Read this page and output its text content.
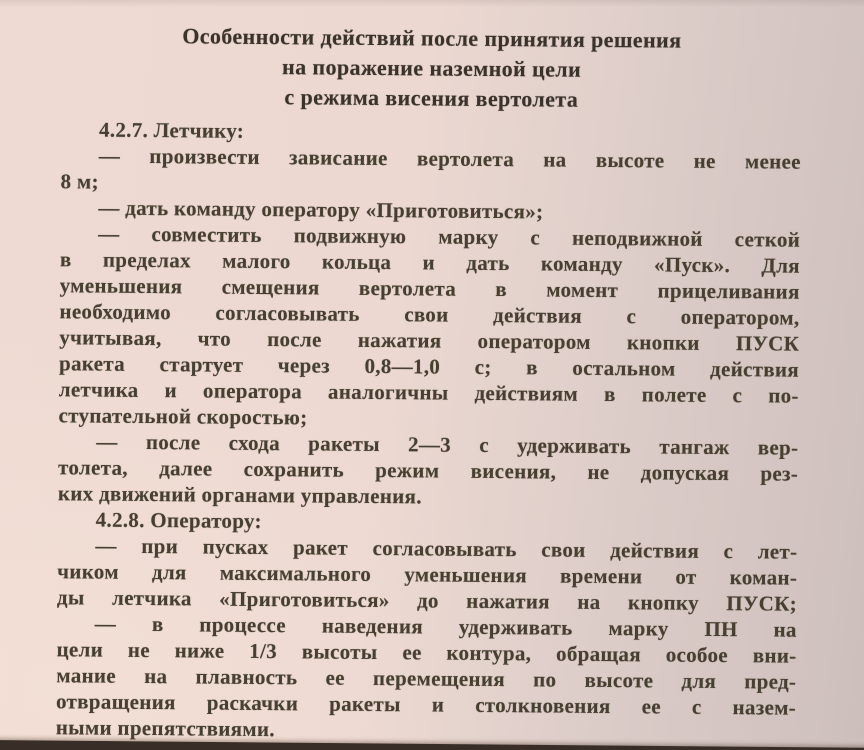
Особенности действий после принятия решения
на поражение наземной цели
с режима висения вертолета
4.2.7. Летчику:
— произвести зависание вертолета на высоте не менее
8 м;
— дать команду оператору «Приготовиться»;
— совместить подвижную марку с неподвижной сеткой
в пределах малого кольца и дать команду «Пуск». Для
уменьшения смещения вертолета в момент прицеливания
необходимо согласовывать свои действия с оператором,
учитывая, что после нажатия оператором кнопки ПУСК
ракета стартует через 0,8—1,0 с; в остальном действия
летчика и оператора аналогичны действиям в полете с по-
ступательной скоростью;
— после схода ракеты 2—3 с удерживать тангаж вер-
толета, далее сохранить режим висения, не допуская рез-
ких движений органами управления.
4.2.8. Оператору:
— при пусках ракет согласовывать свои действия с лет-
чиком для максимального уменьшения времени от коман-
ды летчика «Приготовиться» до нажатия на кнопку ПУСК;
— в процессе наведения удерживать марку ПН на
цели не ниже 1/3 высоты ее контура, обращая особое вни-
мание на плавность ее перемещения по высоте для пред-
отвращения раскачки ракеты и столкновения ее с назем-
ными препятствиями.
